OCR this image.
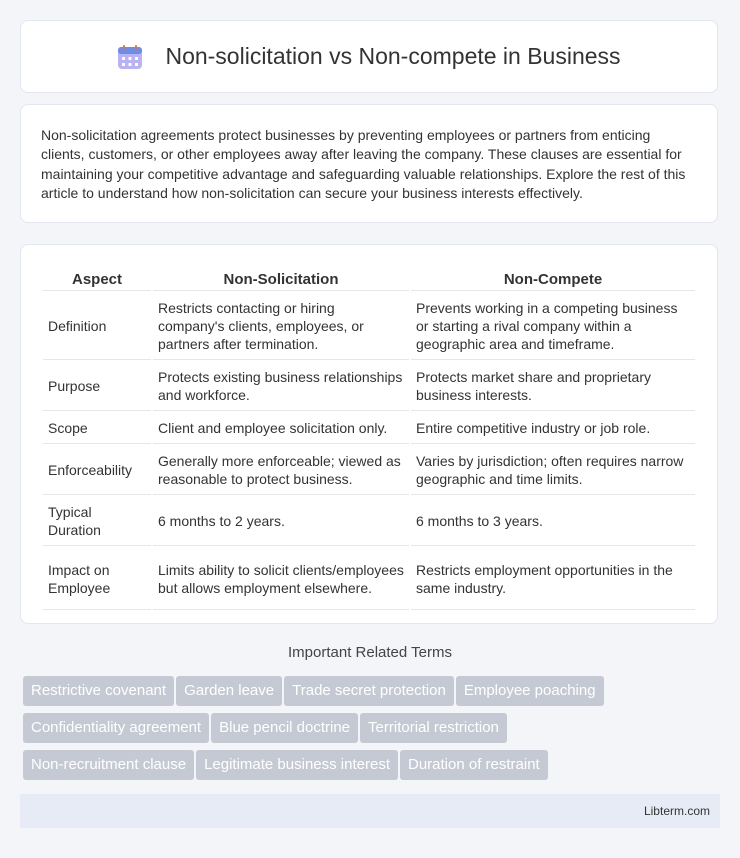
Non-solicitation vs Non-compete in Business

Non-solicitation agreements protect businesses by preventing employees or partners from enticing clients, customers, or other employees away after leaving the company. These clauses are essential for maintaining your competitive advantage and safeguarding valuable relationships. Explore the rest of this article to understand how non-solicitation can secure your business interests effectively.

Aspect	Non-Solicitation	Non-Compete
Definition	Restricts contacting or hiring company's clients, employees, or partners after termination.	Prevents working in a competing business or starting a rival company within a geographic area and timeframe.
Purpose	Protects existing business relationships and workforce.	Protects market share and proprietary business interests.
Scope	Client and employee solicitation only.	Entire competitive industry or job role.
Enforceability	Generally more enforceable; viewed as reasonable to protect business.	Varies by jurisdiction; often requires narrow geographic and time limits.
Typical Duration	6 months to 2 years.	6 months to 3 years.
Impact on Employee	Limits ability to solicit clients/employees but allows employment elsewhere.	Restricts employment opportunities in the same industry.
Important Related Terms
Restrictive covenant Garden leave Trade secret protection Employee poaching
Confidentiality agreement Blue pencil doctrine Territorial restriction
Non-recruitment clause Legitimate business interest Duration of restraint
Libterm.com
